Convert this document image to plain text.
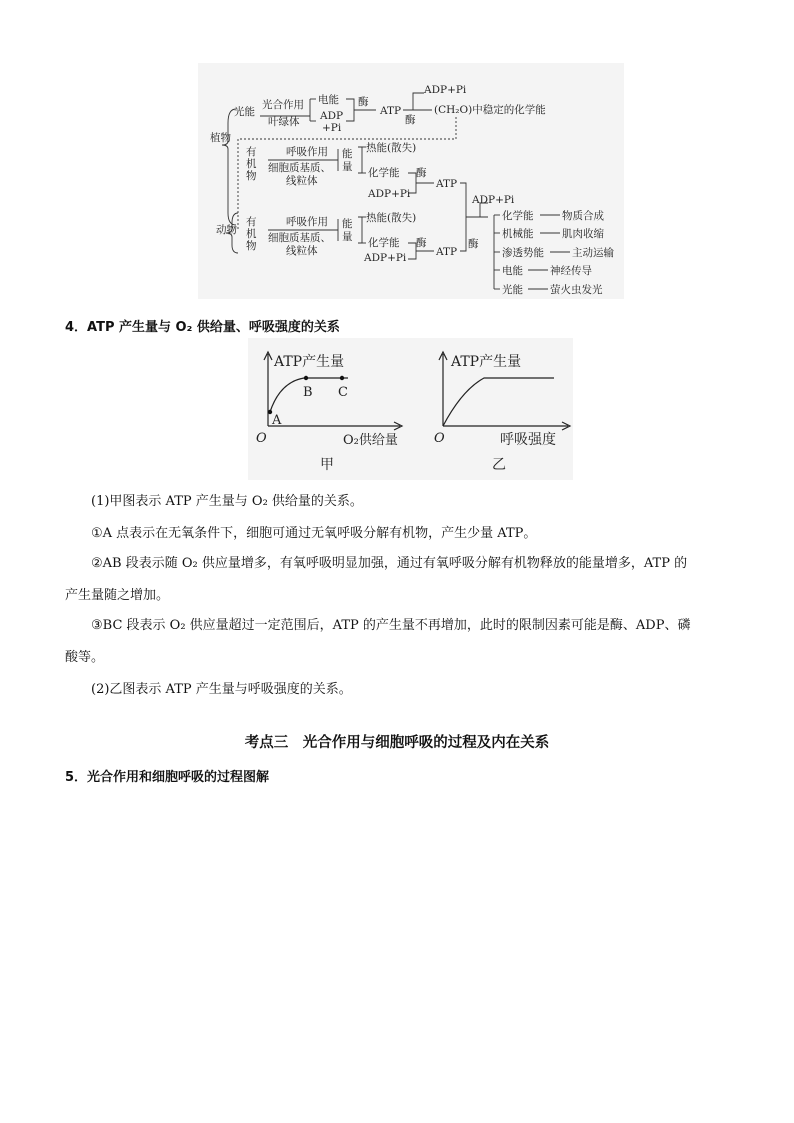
植物
动物
光能
光合作用
叶绿体
电能
ADP
+Pi
酶
ATP
酶
ADP+Pi
(CH₂O)中稳定的化学能
有
机
物
呼吸作用
细胞质基质、
线粒体
能
量
热能(散失)
化学能 酶
ADP+Pi
ATP
有
机
物
呼吸作用
细胞质基质、
线粒体
能
量
热能(散失)
化学能 酶
ADP+Pi	ATP
酶
ADP+Pi
化学能	物质合成
机械能	肌肉收缩
渗透势能	主动运输
电能	神经传导
光能	萤火虫发光
4．ATP 产生量与 O₂ 供给量、呼吸强度的关系
ATP产生量
A
B C
O	O₂供给量
甲
ATP产生量
O	呼吸强度
乙
(1)甲图表示 ATP 产生量与 O₂ 供给量的关系。
①A 点表示在无氧条件下，细胞可通过无氧呼吸分解有机物，产生少量 ATP。
②AB 段表示随 O₂ 供应量增多，有氧呼吸明显加强，通过有氧呼吸分解有机物释放的能量增多，ATP 的
产生量随之增加。
③BC 段表示 O₂ 供应量超过一定范围后，ATP 的产生量不再增加，此时的限制因素可能是酶、ADP、磷
酸等。
(2)乙图表示 ATP 产生量与呼吸强度的关系。
考点三　光合作用与细胞呼吸的过程及内在关系
5．光合作用和细胞呼吸的过程图解
